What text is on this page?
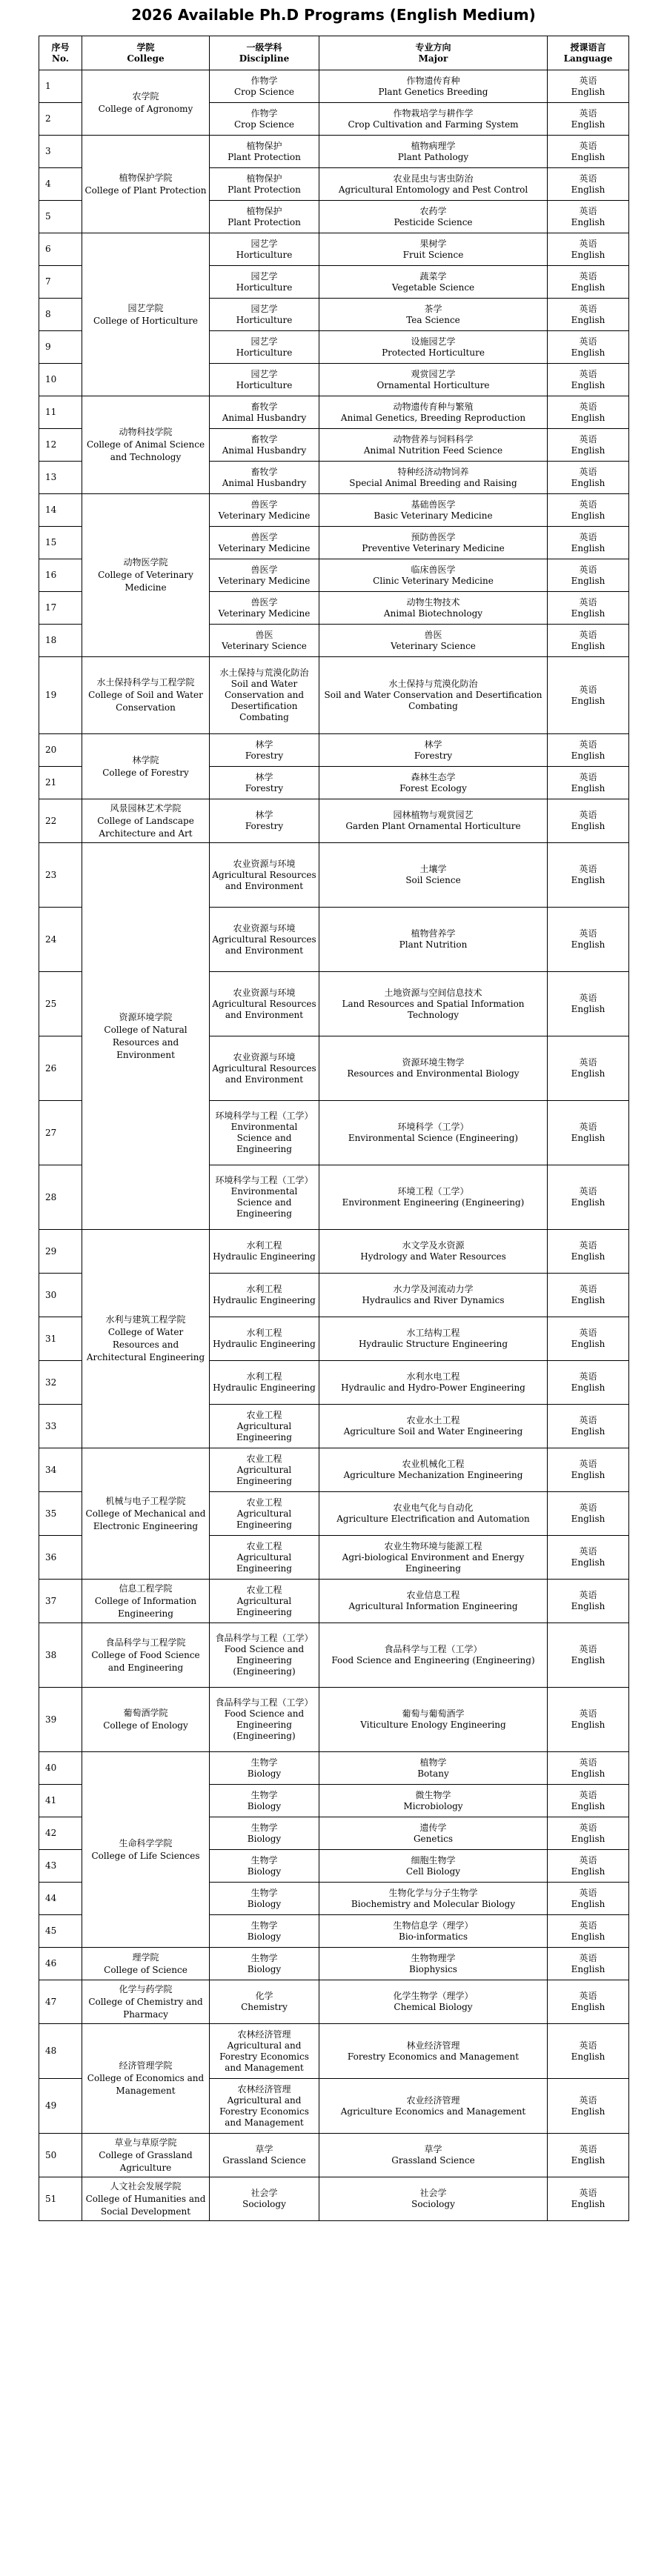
2026 Available Ph.D Programs (English Medium)
序号
No.	学院
College	一级学科
Discipline	专业方向
Major	授课语言
Language

1	农学院
College of Agronomy	作物学
Crop Science	作物遗传育种
Plant Genetics Breeding	英语
English

2		作物学
Crop Science	作物栽培学与耕作学
Crop Cultivation and Farming System	英语
English

3	植物保护学院
College of Plant Protection	植物保护
Plant Protection	植物病理学
Plant Pathology	英语
English

4		植物保护
Plant Protection	农业昆虫与害虫防治
Agricultural Entomology and Pest Control	英语
English

5		植物保护
Plant Protection	农药学
Pesticide Science	英语
English

6	园艺学院
College of Horticulture	园艺学
Horticulture	果树学
Fruit Science	英语
English

7		园艺学
Horticulture	蔬菜学
Vegetable Science	英语
English

8		园艺学
Horticulture	茶学
Tea Science	英语
English

9		园艺学
Horticulture	设施园艺学
Protected Horticulture	英语
English

10		园艺学
Horticulture	观赏园艺学
Ornamental Horticulture	英语
English

11	动物科技学院
College of Animal Science and Technology	畜牧学
Animal Husbandry	动物遗传育种与繁殖
Animal Genetics, Breeding Reproduction	英语
English

12		畜牧学
Animal Husbandry	动物营养与饲料科学
Animal Nutrition Feed Science	英语
English

13		畜牧学
Animal Husbandry	特种经济动物饲养
Special Animal Breeding and Raising	英语
English

14	动物医学院
College of Veterinary Medicine	兽医学
Veterinary Medicine	基础兽医学
Basic Veterinary Medicine	英语
English

15		兽医学
Veterinary Medicine	预防兽医学
Preventive Veterinary Medicine	英语
English

16		兽医学
Veterinary Medicine	临床兽医学
Clinic Veterinary Medicine	英语
English

17		兽医学
Veterinary Medicine	动物生物技术
Animal Biotechnology	英语
English

18		兽医
Veterinary Science	兽医
Veterinary Science	英语
English

19	水土保持科学与工程学院
College of Soil and Water Conservation	水土保持与荒漠化防治
Soil and Water Conservation and Desertification Combating	水土保持与荒漠化防治
Soil and Water Conservation and Desertification Combating	英语
English

20	林学院
College of Forestry	林学
Forestry	林学
Forestry	英语
English

21		林学
Forestry	森林生态学
Forest Ecology	英语
English

22	风景园林艺术学院
College of Landscape Architecture and Art	林学
Forestry	园林植物与观赏园艺
Garden Plant Ornamental Horticulture	英语
English

23	资源环境学院
College of Natural Resources and Environment	农业资源与环境
Agricultural Resources and Environment	土壤学
Soil Science	英语
English

24		农业资源与环境
Agricultural Resources and Environment	植物营养学
Plant Nutrition	英语
English

25		农业资源与环境
Agricultural Resources and Environment	土地资源与空间信息技术
Land Resources and Spatial Information Technology	英语
English

26		农业资源与环境
Agricultural Resources and Environment	资源环境生物学
Resources and Environmental Biology	英语
English

27		环境科学与工程（工学）
Environmental Science and Engineering	环境科学（工学）
Environmental Science (Engineering)	英语
English

28		环境科学与工程（工学）
Environmental Science and Engineering	环境工程（工学）
Environment Engineering (Engineering)	英语
English

29	水利与建筑工程学院
College of Water Resources and Architectural Engineering	水利工程
Hydraulic Engineering	水文学及水资源
Hydrology and Water Resources	英语
English

30		水利工程
Hydraulic Engineering	水力学及河流动力学
Hydraulics and River Dynamics	英语
English

31		水利工程
Hydraulic Engineering	水工结构工程
Hydraulic Structure Engineering	英语
English

32		水利工程
Hydraulic Engineering	水利水电工程
Hydraulic and Hydro-Power Engineering	英语
English

33		农业工程
Agricultural Engineering	农业水土工程
Agriculture Soil and Water Engineering	英语
English

34	机械与电子工程学院
College of Mechanical and Electronic Engineering	农业工程
Agricultural Engineering	农业机械化工程
Agriculture Mechanization Engineering	英语
English

35		农业工程
Agricultural Engineering	农业电气化与自动化
Agriculture Electrification and Automation	英语
English

36		农业工程
Agricultural Engineering	农业生物环境与能源工程
Agri-biological Environment and Energy Engineering	英语
English

37	信息工程学院
College of Information Engineering	农业工程
Agricultural Engineering	农业信息工程
Agricultural Information Engineering	英语
English

38	食品科学与工程学院
College of Food Science and Engineering	食品科学与工程（工学）
Food Science and Engineering (Engineering)	食品科学与工程（工学）
Food Science and Engineering (Engineering)	英语
English

39	葡萄酒学院
College of Enology	食品科学与工程（工学）
Food Science and Engineering (Engineering)	葡萄与葡萄酒学
Viticulture Enology Engineering	英语
English

40	生命科学学院
College of Life Sciences	生物学
Biology	植物学
Botany	英语
English

41		生物学
Biology	微生物学
Microbiology	英语
English

42		生物学
Biology	遗传学
Genetics	英语
English

43		生物学
Biology	细胞生物学
Cell Biology	英语
English

44		生物学
Biology	生物化学与分子生物学
Biochemistry and Molecular Biology	英语
English

45		生物学
Biology	生物信息学（理学）
Bio-informatics	英语
English

46	理学院
College of Science	生物学
Biology	生物物理学
Biophysics	英语
English

47	化学与药学院
College of Chemistry and Pharmacy	化学
Chemistry	化学生物学（理学）
Chemical Biology	英语
English

48	经济管理学院
College of Economics and Management	农林经济管理
Agricultural and Forestry Economics and Management	林业经济管理
Forestry Economics and Management	英语
English

49		农林经济管理
Agricultural and Forestry Economics and Management	农业经济管理
Agriculture Economics and Management	英语
English

50	草业与草原学院
College of Grassland Agriculture	草学
Grassland Science	草学
Grassland Science	英语
English

51	人文社会发展学院
College of Humanities and Social Development	社会学
Sociology	社会学
Sociology	英语
English
